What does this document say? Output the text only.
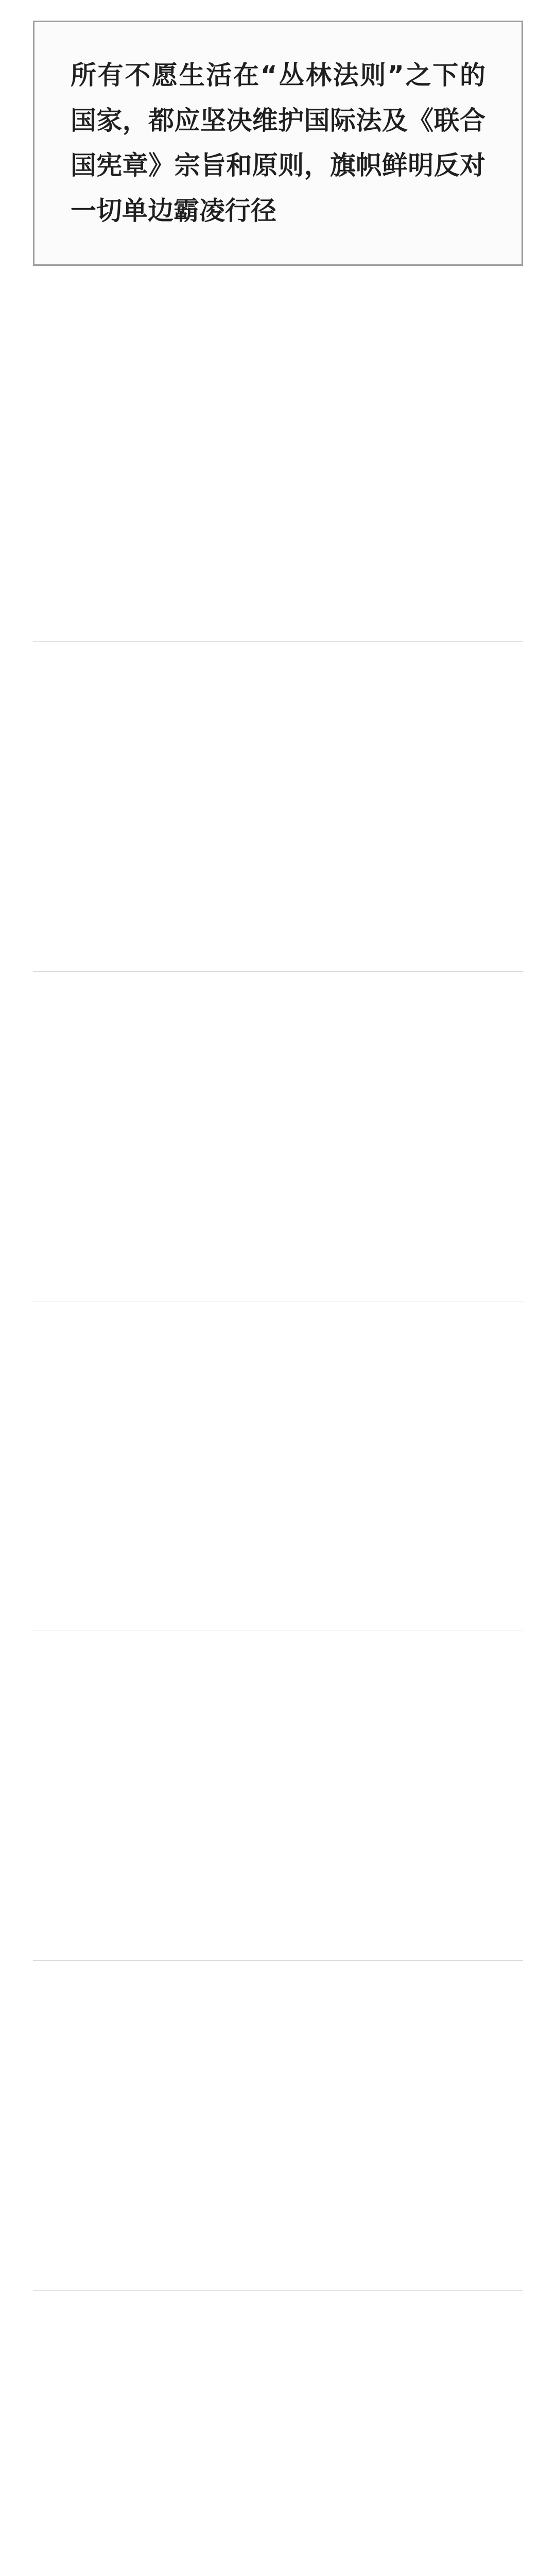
所有不愿生活在“丛林法则”之下的国家，都应坚决维护国际法及《联合国宪章》宗旨和原则，旗帜鲜明反对一切单边霸凌行径
